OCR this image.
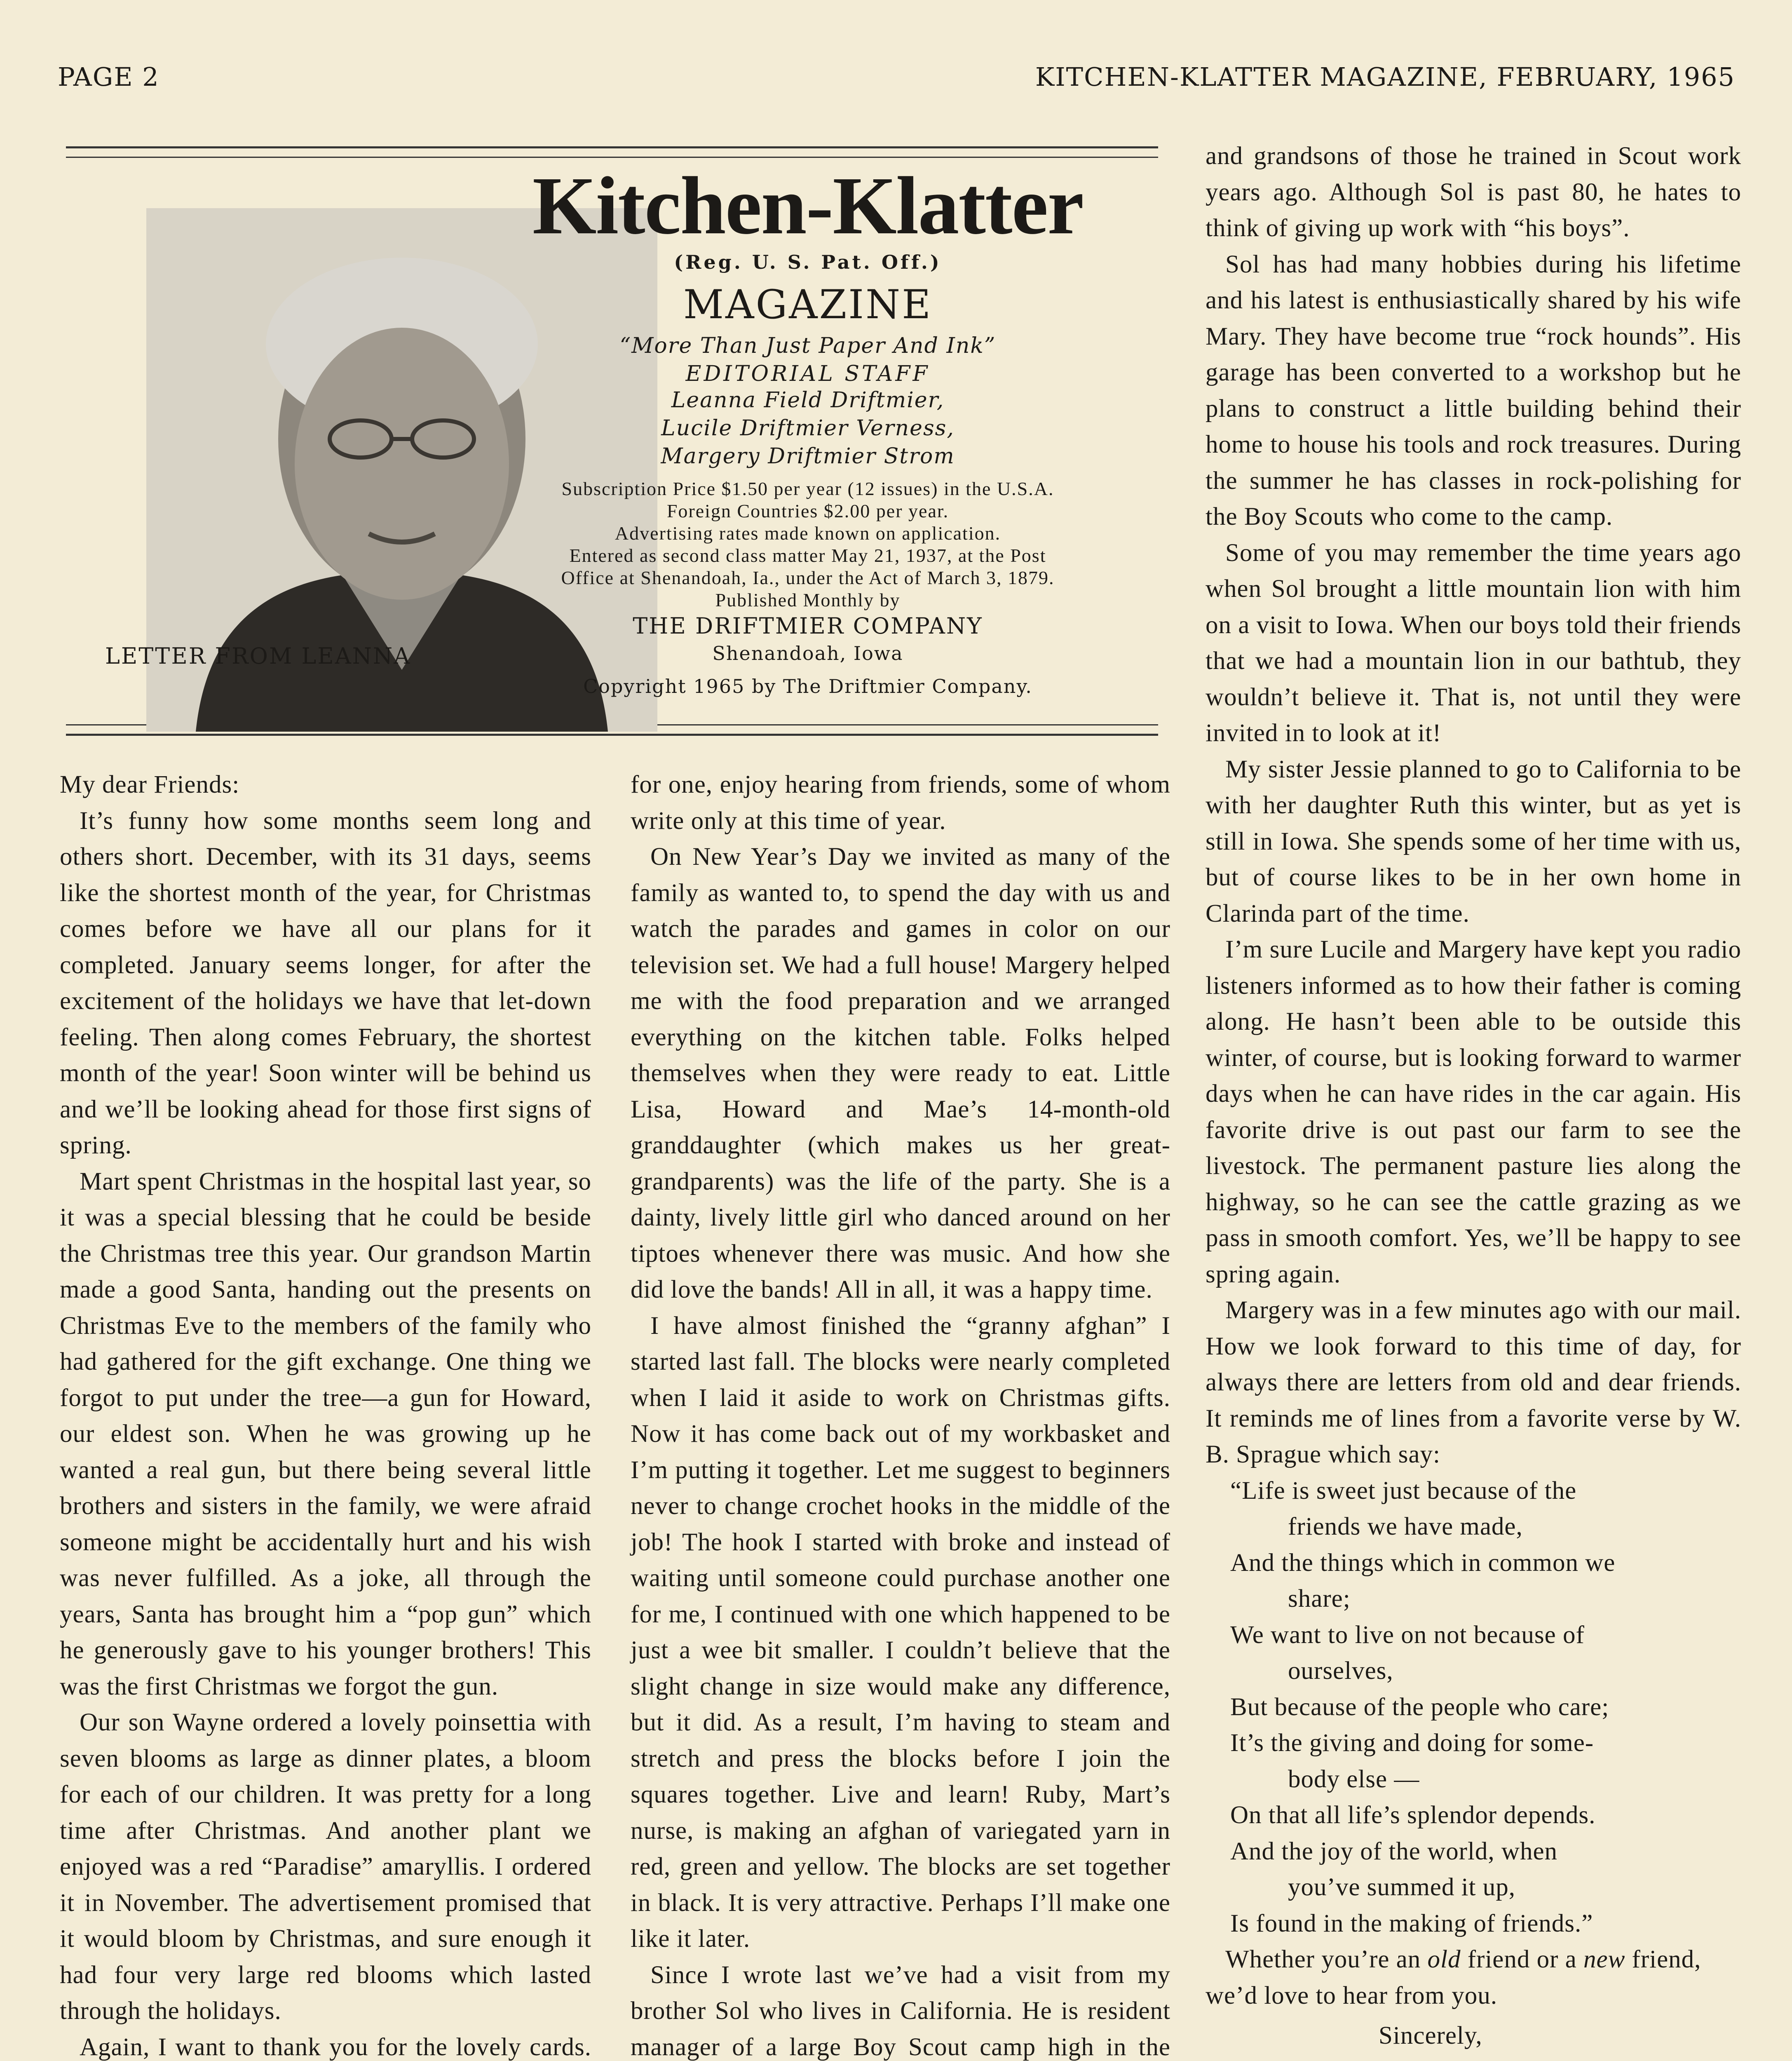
PAGE 2	KITCHEN-KLATTER MAGAZINE, FEBRUARY, 1965
LETTER FROM LEANNA
Kitchen-Klatter
(Reg. U. S. Pat. Off.)
MAGAZINE
“More Than Just Paper And Ink”
EDITORIAL STAFF
Leanna Field Driftmier,
Lucile Driftmier Verness,
Margery Driftmier Strom
Subscription Price $1.50 per year (12 issues) in the U.S.A.
Foreign Countries $2.00 per year.
Advertising rates made known on application.
Entered as second class matter May 21, 1937, at the Post
Office at Shenandoah, Ia., under the Act of March 3, 1879.
Published Monthly by
THE DRIFTMIER COMPANY
Shenandoah, Iowa
Copyright 1965 by The Driftmier Company.

My dear Friends:

It’s funny how some months seem long and others short. December, with its 31 days, seems like the shortest month of the year, for Christmas comes before we have all our plans for it completed. January seems longer, for after the excitement of the holidays we have that let-down feeling. Then along comes February, the shortest month of the year! Soon winter will be behind us and we’ll be looking ahead for those first signs of spring.

Mart spent Christmas in the hospital last year, so it was a special blessing that he could be beside the Christmas tree this year. Our grandson Martin made a good Santa, handing out the presents on Christmas Eve to the members of the family who had gathered for the gift exchange. One thing we forgot to put under the tree—a gun for Howard, our eldest son. When he was growing up he wanted a real gun, but there being several little brothers and sisters in the family, we were afraid someone might be accidentally hurt and his wish was never fulfilled. As a joke, all through the years, Santa has brought him a “pop gun” which he generously gave to his younger brothers! This was the first Christmas we forgot the gun.

Our son Wayne ordered a lovely poinsettia with seven blooms as large as dinner plates, a bloom for each of our children. It was pretty for a long time after Christmas. And another plant we enjoyed was a red “Paradise” amaryllis. I ordered it in November. The advertisement promised that it would bloom by Christmas, and sure enough it had four very large red blooms which lasted through the holidays.

Again, I want to thank you for the lovely cards.

for one, enjoy hearing from friends, some of whom write only at this time of year.

On New Year’s Day we invited as many of the family as wanted to, to spend the day with us and watch the parades and games in color on our television set. We had a full house! Margery helped me with the food preparation and we arranged everything on the kitchen table. Folks helped themselves when they were ready to eat. Little Lisa, Howard and Mae’s 14-month-old granddaughter (which makes us her great-grandparents) was the life of the party. She is a dainty, lively little girl who danced around on her tiptoes whenever there was music. And how she did love the bands! All in all, it was a happy time.

I have almost finished the “granny afghan” I started last fall. The blocks were nearly completed when I laid it aside to work on Christmas gifts. Now it has come back out of my workbasket and I’m putting it together. Let me suggest to beginners never to change crochet hooks in the middle of the job! The hook I started with broke and instead of waiting until someone could purchase another one for me, I continued with one which happened to be just a wee bit smaller. I couldn’t believe that the slight change in size would make any difference, but it did. As a result, I’m having to steam and stretch and press the blocks before I join the squares together. Live and learn! Ruby, Mart’s nurse, is making an afghan of variegated yarn in red, green and yellow. The blocks are set together in black. It is very attractive. Perhaps I’ll make one like it later.

Since I wrote last we’ve had a visit from my brother Sol who lives in California. He is resident manager of a large Boy Scout camp high in the

and grandsons of those he trained in Scout work years ago. Although Sol is past 80, he hates to think of giving up work with “his boys”.

Sol has had many hobbies during his lifetime and his latest is enthusiastically shared by his wife Mary. They have become true “rock hounds”. His garage has been converted to a workshop but he plans to construct a little building behind their home to house his tools and rock treasures. During the summer he has classes in rock-polishing for the Boy Scouts who come to the camp.

Some of you may remember the time years ago when Sol brought a little mountain lion with him on a visit to Iowa. When our boys told their friends that we had a mountain lion in our bathtub, they wouldn’t believe it. That is, not until they were invited in to look at it!

My sister Jessie planned to go to California to be with her daughter Ruth this winter, but as yet is still in Iowa. She spends some of her time with us, but of course likes to be in her own home in Clarinda part of the time.

I’m sure Lucile and Margery have kept you radio listeners informed as to how their father is coming along. He hasn’t been able to be outside this winter, of course, but is looking forward to warmer days when he can have rides in the car again. His favorite drive is out past our farm to see the livestock. The permanent pasture lies along the highway, so he can see the cattle grazing as we pass in smooth comfort. Yes, we’ll be happy to see spring again.

Margery was in a few minutes ago with our mail. How we look forward to this time of day, for always there are letters from old and dear friends. It reminds me of lines from a favorite verse by W. B. Sprague which say:

“Life is sweet just because of the

friends we have made,

And the things which in common we

share;

We want to live on not because of

ourselves,

But because of the people who care;

It’s the giving and doing for some-

body else —

On that all life’s splendor depends.

And the joy of the world, when

you’ve summed it up,

Is found in the making of friends.”

Whether you’re an old friend or a new friend, we’d love to hear from you.

Sincerely,
